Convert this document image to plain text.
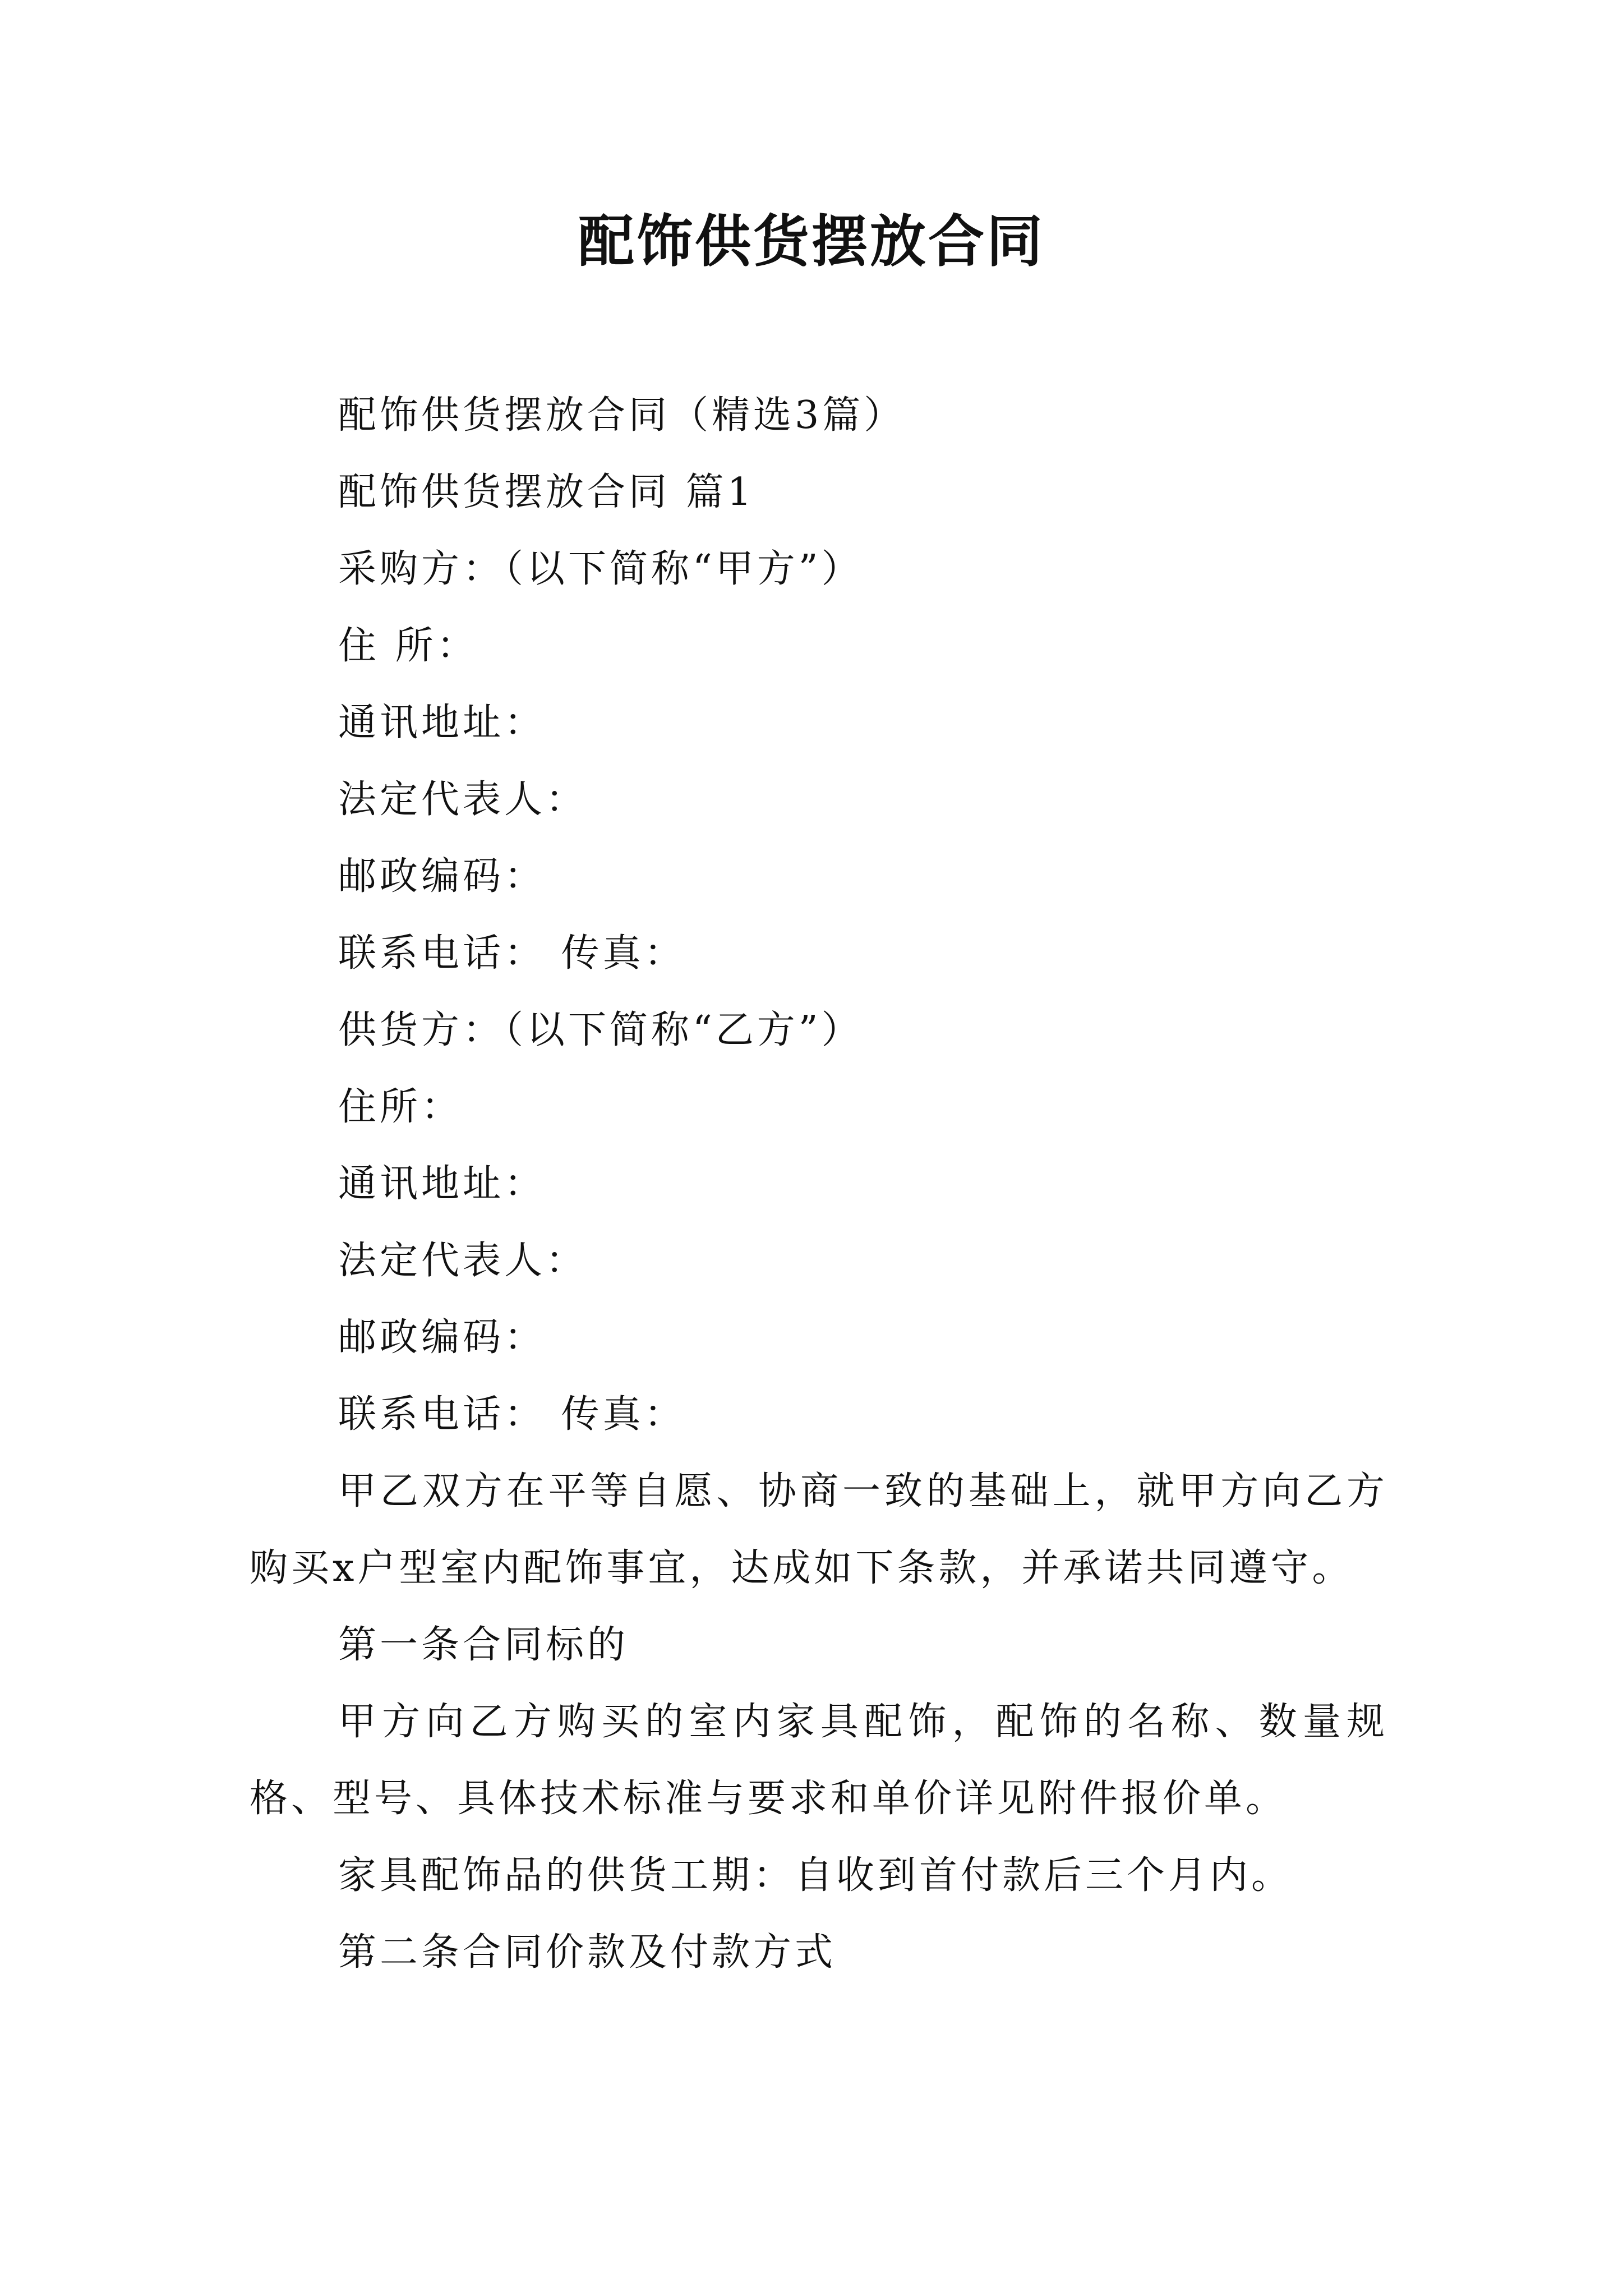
配饰供货摆放合同

配饰供货摆放合同（精选3篇）

配饰供货摆放合同 篇1

采购方：（以下简称“甲方”）

住 所：

通讯地址：

法定代表人：

邮政编码：

联系电话： 传真：

供货方：（以下简称“乙方”）

住所：

通讯地址：

法定代表人：

邮政编码：

联系电话： 传真：

甲乙双方在平等自愿、协商一致的基础上，就甲方向乙方购买x户型室内配饰事宜，达成如下条款，并承诺共同遵守。

第一条合同标的

甲方向乙方购买的室内家具配饰，配饰的名称、数量规格、型号、具体技术标准与要求和单价详见附件报价单。

家具配饰品的供货工期：自收到首付款后三个月内。

第二条合同价款及付款方式
